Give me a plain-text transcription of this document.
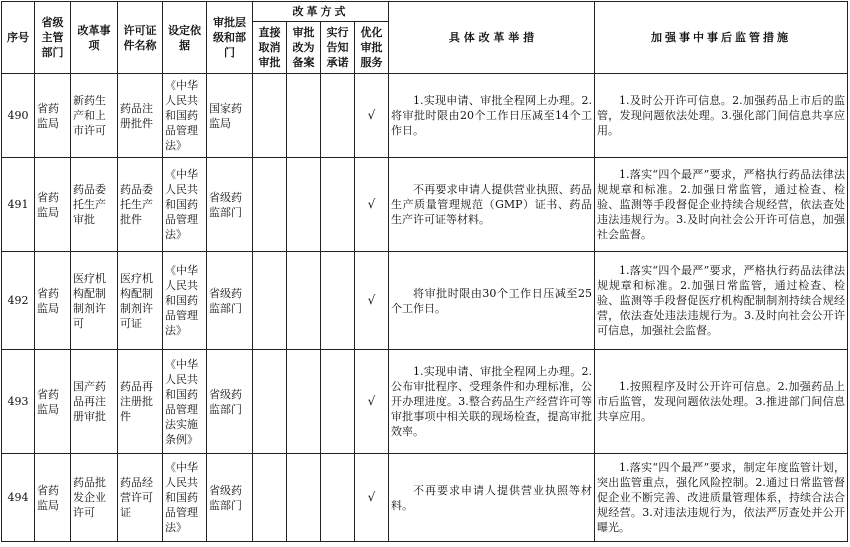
序号	省级主管部门	改革事项	许可证件名称	设定依据	审批层级和部门	改革方式				具 体 改 革 举 措	加强事中事后监管措施
						直接取消审批	审批改为备案	实行告知承诺	优化审批服务		
490	省药监局	新药生产和上市许可	药品注册批件	《中华人民共和国药品管理法》	国家药监局				√	1.实现申请、审批全程网上办理。2.将审批时限由20个工作日压减至14个工作日。	1.及时公开许可信息。2.加强药品上市后的监管，发现问题依法处理。3.强化部门间信息共享应用。
491	省药监局	药品委托生产审批	药品委托生产批件	《中华人民共和国药品管理法》	省级药监部门				√	不再要求申请人提供营业执照、药品生产质量管理规范（GMP）证书、药品生产许可证等材料。	1.落实“四个最严”要求，严格执行药品法律法规规章和标准。2.加强日常监管，通过检查、检验、监测等手段督促企业持续合规经营，依法查处违法违规行为。3.及时向社会公开许可信息，加强社会监督。
492	省药监局	医疗机构配制制剂许可	医疗机构配制制剂许可证	《中华人民共和国药品管理法》	省级药监部门				√	将审批时限由30个工作日压减至25个工作日。	1.落实“四个最严”要求，严格执行药品法律法规规章和标准。2.加强日常监管，通过检查、检验、监测等手段督促医疗机构配制制剂持续合规经营，依法查处违法违规行为。3.及时向社会公开许可信息，加强社会监督。
493	省药监局	国产药品再注册审批	药品再注册批件	《中华人民共和国药品管理法实施条例》	省级药监部门				√	1.实现申请、审批全程网上办理。2.公布审批程序、受理条件和办理标准，公开办理进度。3.整合药品生产经营许可等审批事项中相关联的现场检查，提高审批效率。	1.按照程序及时公开许可信息。2.加强药品上市后监管，发现问题依法处理。3.推进部门间信息共享应用。
494	省药监局	药品批发企业许可	药品经营许可证	《中华人民共和国药品管理法》	省级药监部门				√	不再要求申请人提供营业执照等材料。	1.落实“四个最严”要求，制定年度监管计划，突出监管重点，强化风险控制。2.通过日常监管督促企业不断完善、改进质量管理体系，持续合法合规经营。3.对违法违规行为，依法严厉查处并公开曝光。
